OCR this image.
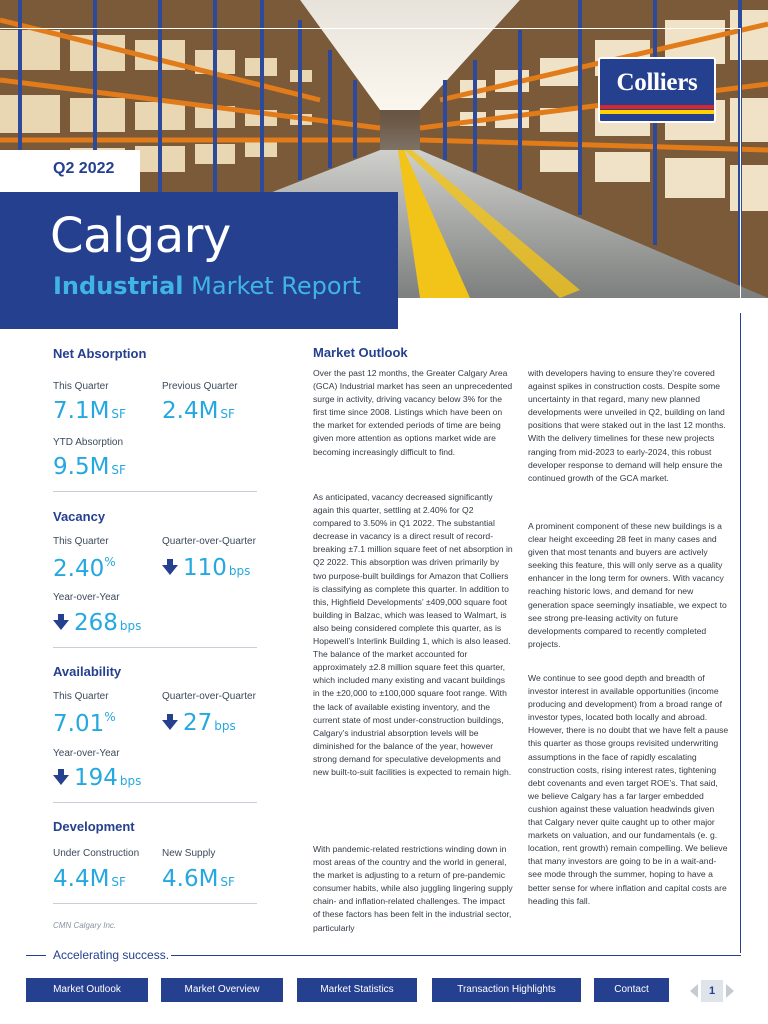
Colliers
Q2 2022
Calgary
Industrial Market Report
Net Absorption
This Quarter	Previous Quarter
7.1M SF 2.4M SF
YTD Absorption
9.5M SF
Vacancy
This Quarter	Quarter-over-Quarter
2.40%	110 bps
Year-over-Year
268 bps
Availability
This Quarter	Quarter-over-Quarter
7.01%	27 bps
Year-over-Year
194 bps
Development
Under Construction New Supply
4.4M SF 4.6M SF
CMN Calgary Inc.
Market Outlook
Over the past 12 months, the Greater Calgary Area (GCA) Industrial market has seen an unprecedented surge in activity, driving vacancy below 3% for the first time since 2008. Listings which have been on the market for extended periods of time are being given more attention as options market wide are becoming increasingly difficult to find.
As anticipated, vacancy decreased significantly again this quarter, settling at 2.40% for Q2 compared to 3.50% in Q1 2022. The substantial decrease in vacancy is a direct result of record-breaking ±7.1 million square feet of net absorption in Q2 2022. This absorption was driven primarily by two purpose-built buildings for Amazon that Colliers is classifying as complete this quarter. In addition to this, Highfield Developments’ ±409,000 square foot building in Balzac, which was leased to Walmart, is also being considered complete this quarter, as is Hopewell’s Interlink Building 1, which is also leased. The balance of the market accounted for approximately ±2.8 million square feet this quarter, which included many existing and vacant buildings in the ±20,000 to ±100,000 square foot range. With the lack of available existing inventory, and the current state of most under-construction buildings, Calgary’s industrial absorption levels will be diminished for the balance of the year, however strong demand for speculative developments and new built-to-suit facilities is expected to remain high.
With pandemic-related restrictions winding down in most areas of the country and the world in general, the market is adjusting to a return of pre-pandemic consumer habits, while also juggling lingering supply chain- and inflation-related challenges. The impact of these factors has been felt in the industrial sector, particularly
with developers having to ensure they’re covered against spikes in construction costs. Despite some uncertainty in that regard, many new planned developments were unveiled in Q2, building on land positions that were staked out in the last 12 months. With the delivery timelines for these new projects ranging from mid-2023 to early-2024, this robust developer response to demand will help ensure the continued growth of the GCA market.
A prominent component of these new buildings is a clear height exceeding 28 feet in many cases and given that most tenants and buyers are actively seeking this feature, this will only serve as a quality enhancer in the long term for owners. With vacancy reaching historic lows, and demand for new generation space seemingly insatiable, we expect to see strong pre-leasing activity on future developments compared to recently completed projects.
We continue to see good depth and breadth of investor interest in available opportunities (income producing and development) from a broad range of investor types, located both locally and abroad. However, there is no doubt that we have felt a pause this quarter as those groups revisited underwriting assumptions in the face of rapidly escalating construction costs, rising interest rates, tightening debt covenants and even target ROE’s. That said, we believe Calgary has a far larger embedded cushion against these valuation headwinds given that Calgary never quite caught up to other major markets on valuation, and our fundamentals (e. g. location, rent growth) remain compelling. We believe that many investors are going to be in a wait-and-see mode through the summer, hoping to have a better sense for where inflation and capital costs are heading this fall.
Accelerating success.
Market Outlook	Market Overview	Market Statistics	Transaction Highlights	Contact	1
